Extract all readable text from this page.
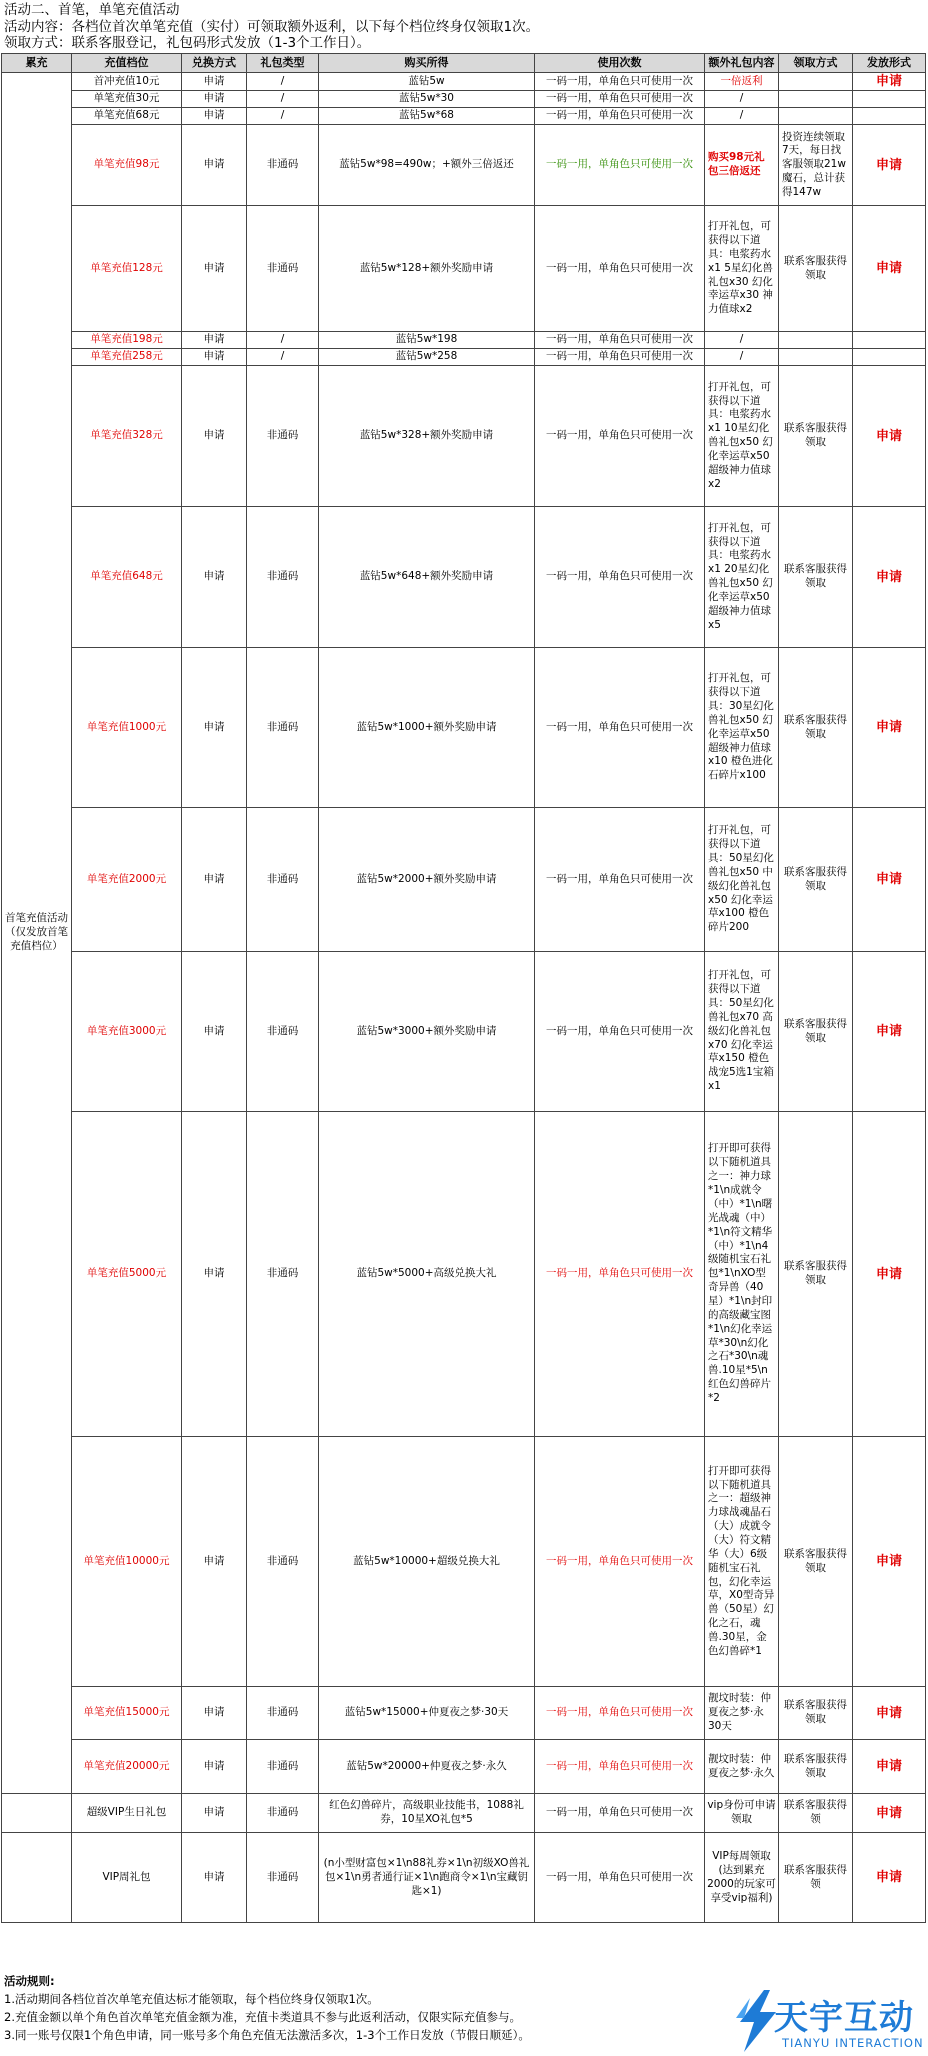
活动二、首笔，单笔充值活动
活动内容：各档位首次单笔充值（实付）可领取额外返利，以下每个档位终身仅领取1次。
领取方式：联系客服登记，礼包码形式发放（1-3个工作日）。
累充	充值档位	兑换方式	礼包类型	购买所得	使用次数	额外礼包内容	领取方式	发放形式
首笔充值活动（仅发放首笔充值档位）	首冲充值10元	申请	/	蓝钻5w	一码一用，单角色只可使用一次	一倍返利		申请
	单笔充值30元	申请	/	蓝钻5w*30	一码一用，单角色只可使用一次	/		
	单笔充值68元	申请	/	蓝钻5w*68	一码一用，单角色只可使用一次	/		
	单笔充值98元	申请	非通码	蓝钻5w*98=490w；+额外三倍返还	一码一用，单角色只可使用一次	购买98元礼包三倍返还	投资连续领取7天，每日找客服领取21w魔石，总计获得147w	申请
	单笔充值128元	申请	非通码	蓝钻5w*128+额外奖励申请	一码一用，单角色只可使用一次	打开礼包，可获得以下道具：电浆药水x1 5星幻化兽礼包x30 幻化幸运草x30 神力值球x2	联系客服获得领取	申请
	单笔充值198元	申请	/	蓝钻5w*198	一码一用，单角色只可使用一次	/		
	单笔充值258元	申请	/	蓝钻5w*258	一码一用，单角色只可使用一次	/		
	单笔充值328元	申请	非通码	蓝钻5w*328+额外奖励申请	一码一用，单角色只可使用一次	打开礼包，可获得以下道具：电浆药水x1 10星幻化兽礼包x50 幻化幸运草x50 超级神力值球x2	联系客服获得领取	申请
	单笔充值648元	申请	非通码	蓝钻5w*648+额外奖励申请	一码一用，单角色只可使用一次	打开礼包，可获得以下道具：电浆药水x1 20星幻化兽礼包x50 幻化幸运草x50 超级神力值球x5	联系客服获得领取	申请
	单笔充值1000元	申请	非通码	蓝钻5w*1000+额外奖励申请	一码一用，单角色只可使用一次	打开礼包，可获得以下道具：30星幻化兽礼包x50 幻化幸运草x50 超级神力值球x10 橙色进化石碎片x100	联系客服获得领取	申请
	单笔充值2000元	申请	非通码	蓝钻5w*2000+额外奖励申请	一码一用，单角色只可使用一次	打开礼包，可获得以下道具：50星幻化兽礼包x50 中级幻化兽礼包x50 幻化幸运草x100 橙色碎片200	联系客服获得领取	申请
	单笔充值3000元	申请	非通码	蓝钻5w*3000+额外奖励申请	一码一用，单角色只可使用一次	打开礼包，可获得以下道具：50星幻化兽礼包x70 高级幻化兽礼包x70 幻化幸运草x150 橙色战宠5选1宝箱x1	联系客服获得领取	申请
	单笔充值5000元	申请	非通码	蓝钻5w*5000+高级兑换大礼	一码一用，单角色只可使用一次	打开即可获得以下随机道具之一：神力球*1\n成就令（中）*1\n曙光战魂（中）*1\n符文精华（中）*1\n4级随机宝石礼包*1\nXO型奇异兽（40星）*1\n封印的高级藏宝图*1\n幻化幸运草*30\n幻化之石*30\n魂兽.10星*5\n红色幻兽碎片*2	联系客服获得领取	申请
	单笔充值10000元	申请	非通码	蓝钻5w*10000+超级兑换大礼	一码一用，单角色只可使用一次	打开即可获得以下随机道具之一：超级神力球战魂晶石（大）成就令（大）符文精华（大）6级随机宝石礼包，幻化幸运草，X0型奇异兽（50星）幻化之石，魂兽.30星，金色幻兽碎*1	联系客服获得领取	申请
	单笔充值15000元	申请	非通码	蓝钻5w*15000+仲夏夜之梦·30天	一码一用，单角色只可使用一次	靓坟时装：仲夏夜之梦·永30天	联系客服获得领取	申请
	单笔充值20000元	申请	非通码	蓝钻5w*20000+仲夏夜之梦·永久	一码一用，单角色只可使用一次	靓坟时装：仲夏夜之梦·永久	联系客服获得领取	申请
	超级VIP生日礼包	申请	非通码	红色幻兽碎片，高级职业技能书，1088礼券，10星XO礼包*5	一码一用，单角色只可使用一次	vip身份可申请领取	联系客服获得领	申请
	VIP周礼包	申请	非通码	(n小型财富包×1\n88礼券×1\n初级XO兽礼包×1\n勇者通行证×1\n跑商令×1\n宝藏钥匙×1)	一码一用，单角色只可使用一次	VIP每周领取(达到累充2000的玩家可享受vip福利)	联系客服获得领	申请
活动规则:
1.活动期间各档位首次单笔充值达标才能领取，每个档位终身仅领取1次。
2.充值金额以单个角色首次单笔充值金额为准，充值卡类道具不参与此返利活动，仅限实际充值参与。
3.同一账号仅限1个角色申请，同一账号多个角色充值无法激活多次，1-3个工作日发放（节假日顺延）。	天宇互动
TIANYU INTERACTION
